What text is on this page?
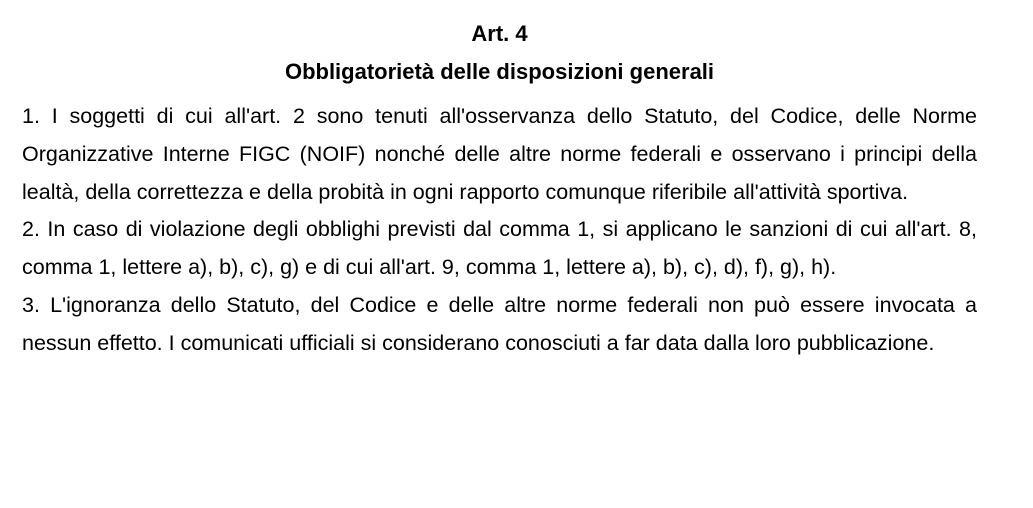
Art. 4
Obbligatorietà delle disposizioni generali

1. I soggetti di cui all'art. 2 sono tenuti all'osservanza dello Statuto, del Codice, delle Norme Organizzative Interne FIGC (NOIF) nonché delle altre norme federali e osservano i principi della lealtà, della correttezza e della probità in ogni rapporto comunque riferibile all'attività sportiva.

2. In caso di violazione degli obblighi previsti dal comma 1, si applicano le sanzioni di cui all'art. 8, comma 1, lettere a), b), c), g) e di cui all'art. 9, comma 1, lettere a), b), c), d), f), g), h).

3. L'ignoranza dello Statuto, del Codice e delle altre norme federali non può essere invocata a nessun effetto. I comunicati ufficiali si considerano conosciuti a far data dalla loro pubblicazione.
